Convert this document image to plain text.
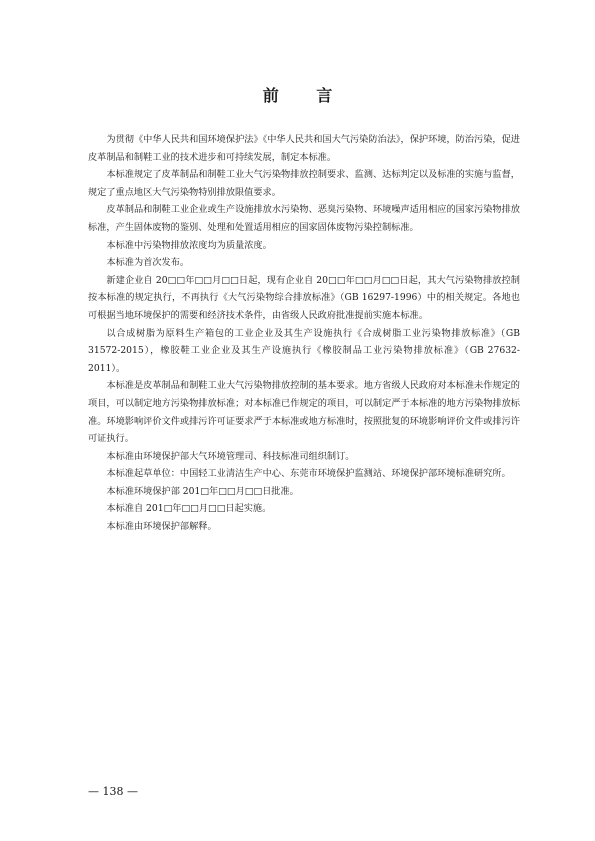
前 言

为贯彻《中华人民共和国环境保护法》《中华人民共和国大气污染防治法》，保护环境，防治污染，促进皮革制品和制鞋工业的技术进步和可持续发展，制定本标准。

本标准规定了皮革制品和制鞋工业大气污染物排放控制要求、监测、达标判定以及标准的实施与监督，规定了重点地区大气污染物特别排放限值要求。

皮革制品和制鞋工业企业或生产设施排放水污染物、恶臭污染物、环境噪声适用相应的国家污染物排放标准，产生固体废物的鉴别、处理和处置适用相应的国家固体废物污染控制标准。

本标准中污染物排放浓度均为质量浓度。

本标准为首次发布。

新建企业自 20□□年□□月□□日起，现有企业自 20□□年□□月□□日起，其大气污染物排放控制按本标准的规定执行，不再执行《大气污染物综合排放标准》（GB 16297-1996）中的相关规定。各地也可根据当地环境保护的需要和经济技术条件，由省级人民政府批准提前实施本标准。

以合成树脂为原料生产箱包的工业企业及其生产设施执行《合成树脂工业污染物排放标准》（GB 31572-2015），橡胶鞋工业企业及其生产设施执行《橡胶制品工业污染物排放标准》（GB 27632-2011）。

本标准是皮革制品和制鞋工业大气污染物排放控制的基本要求。地方省级人民政府对本标准未作规定的项目，可以制定地方污染物排放标准；对本标准已作规定的项目，可以制定严于本标准的地方污染物排放标准。环境影响评价文件或排污许可证要求严于本标准或地方标准时，按照批复的环境影响评价文件或排污许可证执行。

本标准由环境保护部大气环境管理司、科技标准司组织制订。

本标准起草单位：中国轻工业清洁生产中心、东莞市环境保护监测站、环境保护部环境标准研究所。

本标准环境保护部 201□年□□月□□日批准。

本标准自 201□年□□月□□日起实施。

本标准由环境保护部解释。

— 138 —
